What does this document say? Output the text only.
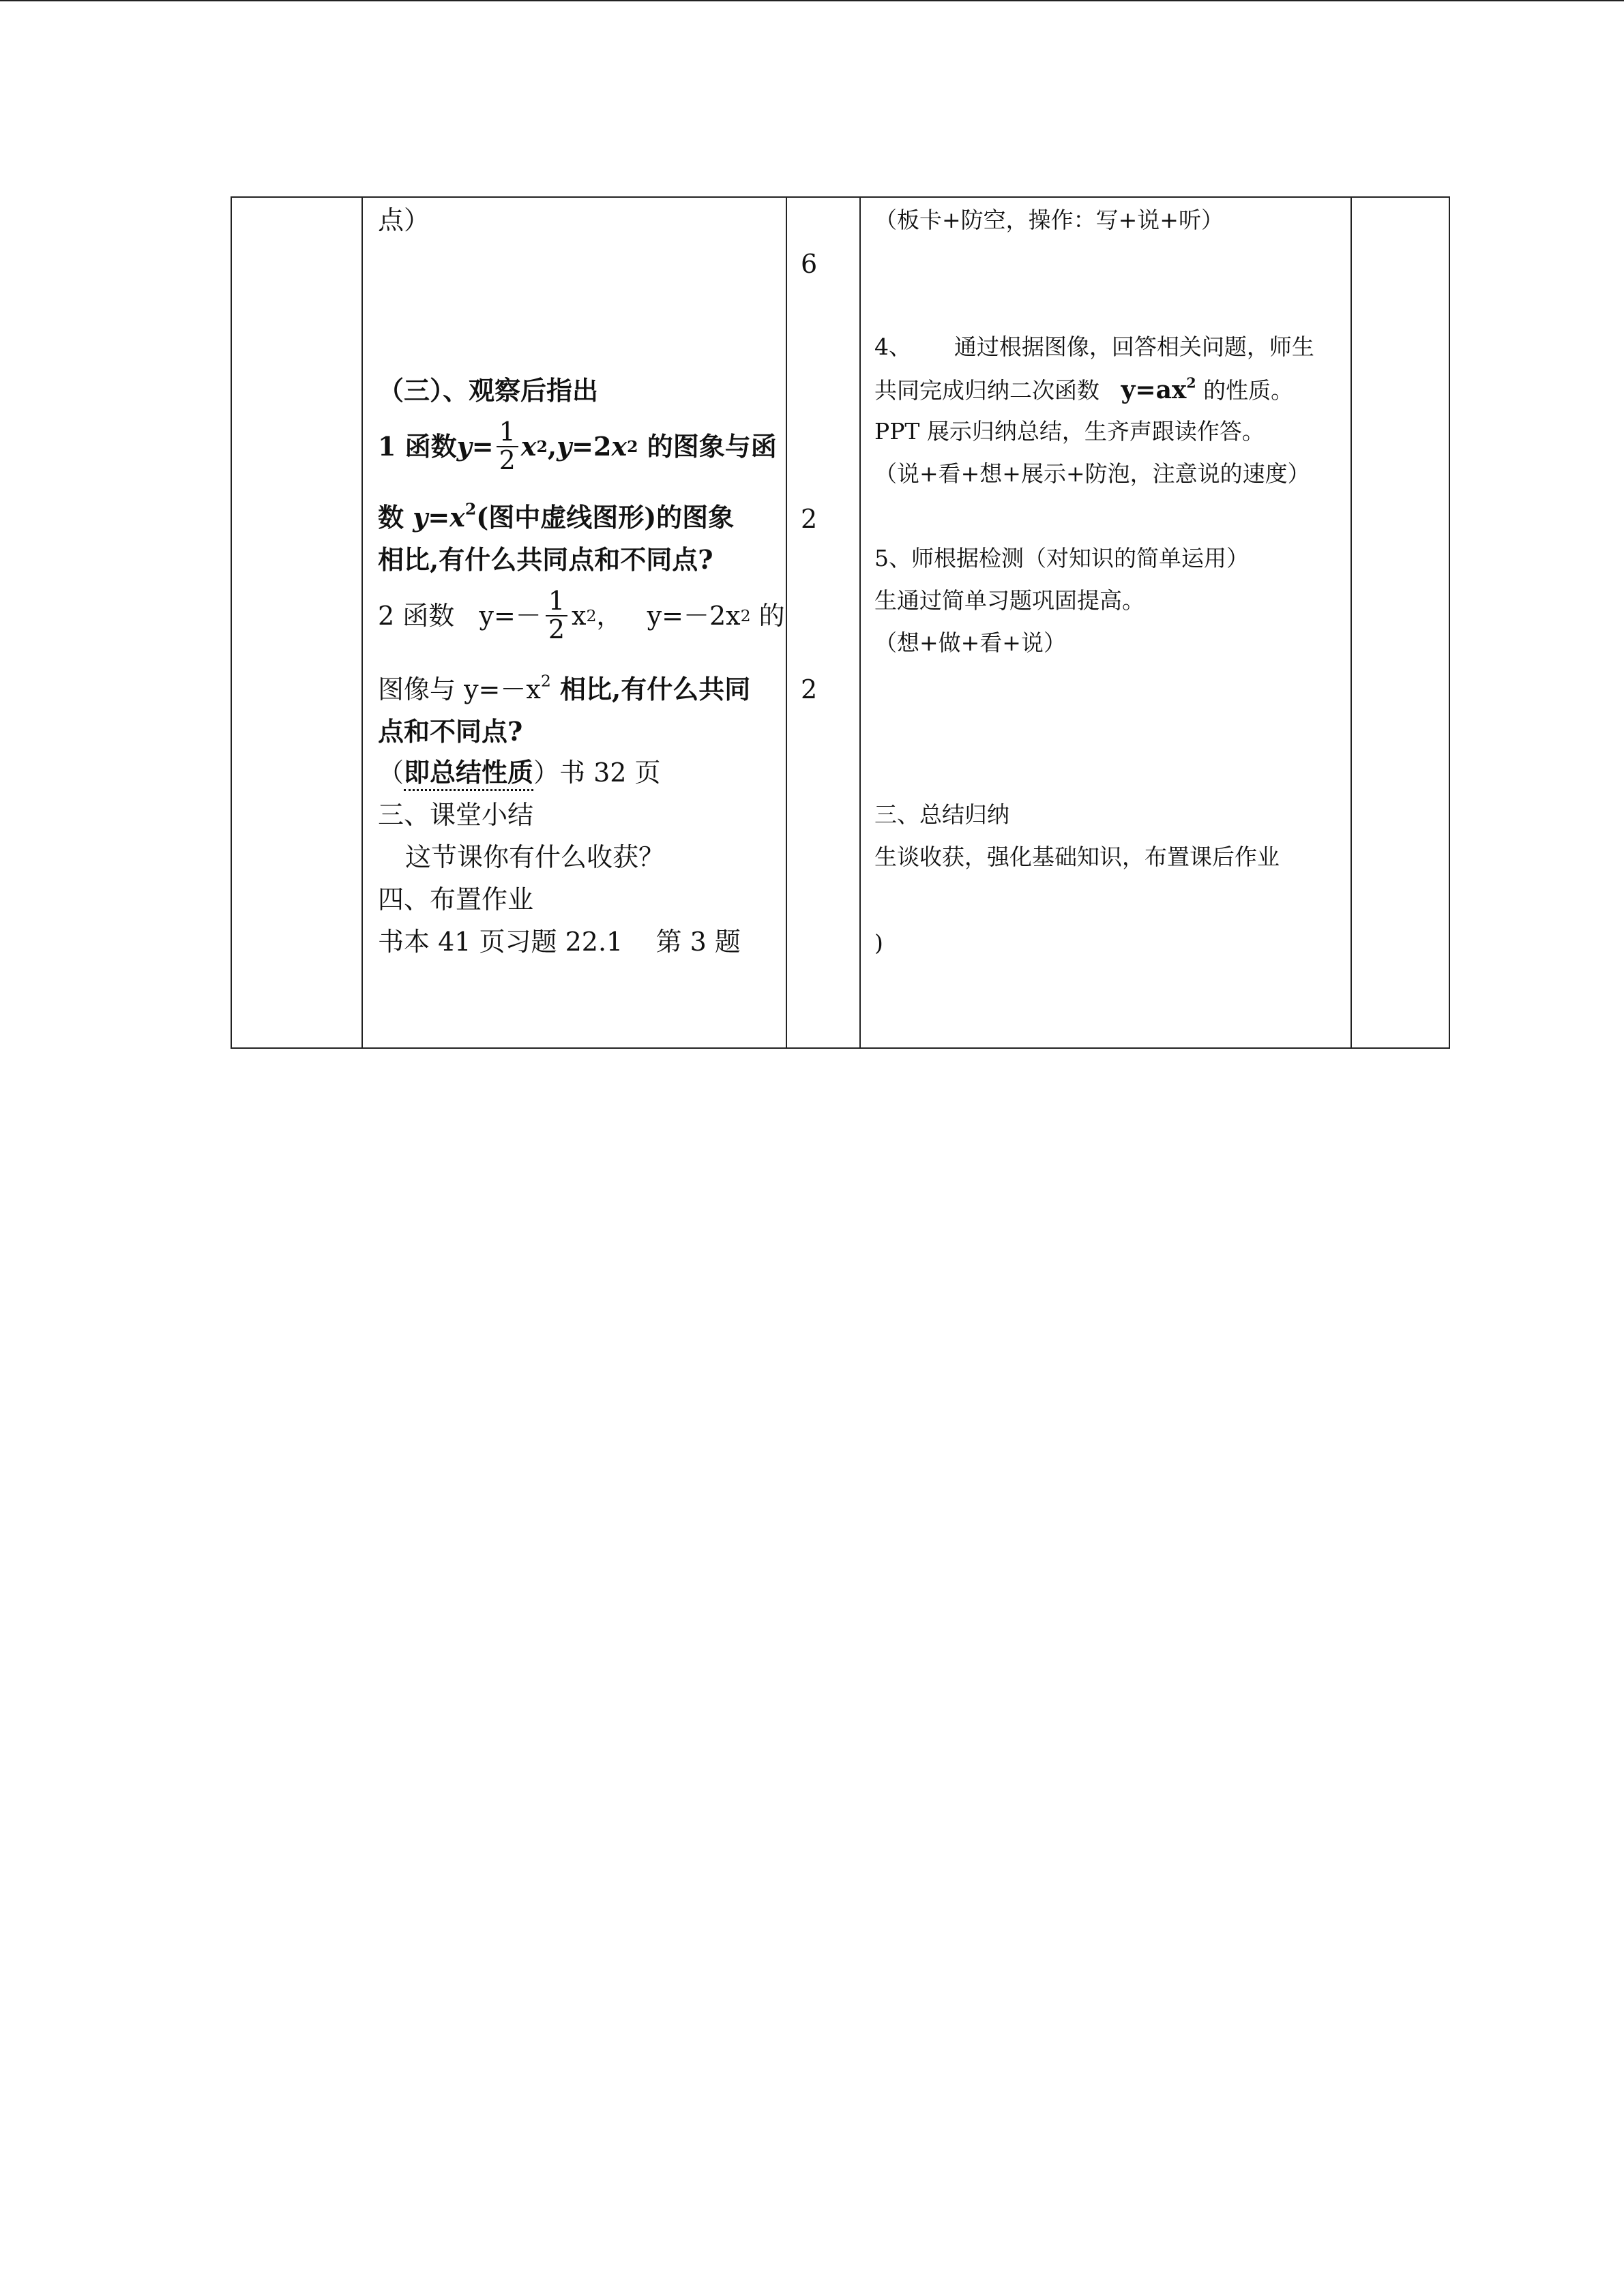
点）
（三）、观察后指出
1 函数 $y = \frac{1}{2}$ x 2 , y =2 x 2 的图象与函
数 $y=x^2$(图中虚线图形)的图象
相比,有什么共同点和不同点?
2 函数   $y=- \frac{1}{2}$ x 2 ，   y=－2x 2 的
图像与 $y=-x^2$ 相比,有什么共同
点和不同点?
（即总结性质）书 32 页
三、课堂小结
这节课你有什么收获？
四、布置作业
书本 41 页习题 22.1    第 3 题
6
2
2
（板卡+防空，操作：写+说+听）
4、      通过根据图像，回答相关问题，师生
共同完成归纳二次函数   $y=ax^2$ 的性质。
PPT 展示归纳总结，生齐声跟读作答。
（说+看+想+展示+防泡，注意说的速度）
5、师根据检测（对知识的简单运用）
生通过简单习题巩固提高。
（想+做+看+说）
三、总结归纳
生谈收获，强化基础知识，布置课后作业
)
